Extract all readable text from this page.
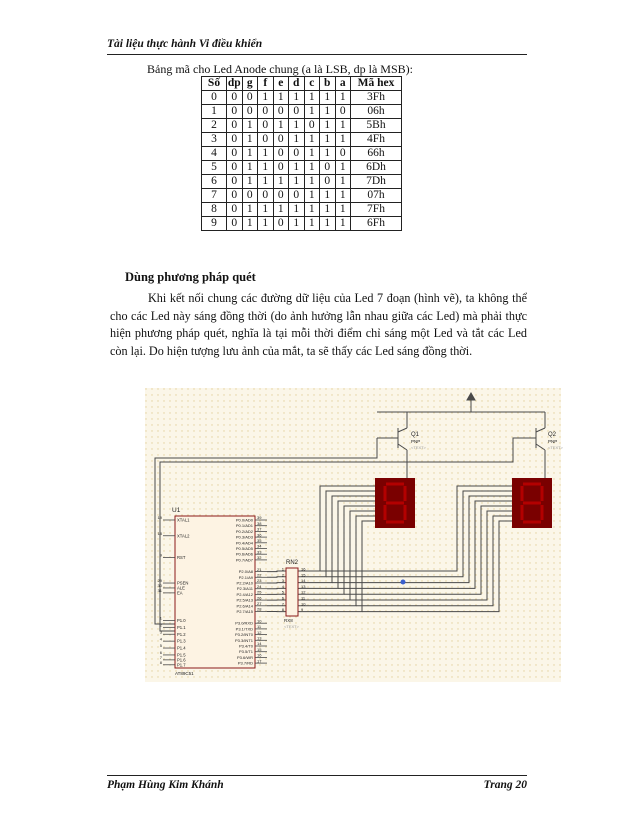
Tài liệu thực hành Vi điều khiển
Bảng mã cho Led Anode chung (a là LSB, dp là MSB):
Số	dp	g	f	e	d	c	b	a	Mã hex
0	0	0	1	1	1	1	1	1	3Fh
1	0	0	0	0	0	1	1	0	06h
2	0	1	0	1	1	0	1	1	5Bh
3	0	1	0	0	1	1	1	1	4Fh
4	0	1	1	0	0	1	1	0	66h
5	0	1	1	0	1	1	0	1	6Dh
6	0	1	1	1	1	1	0	1	7Dh
7	0	0	0	0	0	1	1	1	07h
8	0	1	1	1	1	1	1	1	7Fh
9	0	1	1	0	1	1	1	1	6Fh
Dùng phương pháp quét

Khi kết nối chung các đường dữ liệu của Led 7 đoạn (hình vẽ), ta không thể cho các Led này sáng đồng thời (do ảnh hưởng lẫn nhau giữa các Led) mà phải thực hiện phương pháp quét, nghĩa là tại mỗi thời điểm chỉ sáng một Led và tắt các Led còn lại. Do hiện tượng lưu ảnh của mắt, ta sẽ thấy các Led sáng đồng thời.

Q1
PNP
<TEXT>
Q2
PNP
<TEXT>
U1
AT89C51
XTAL1
19
XTAL2
18
RST
9
PSEN
29
ALE
30
EA
31
P1.0
1
P1.1
2
P1.2
3
P1.3
4
P1.4
5
P1.5
6
P1.6
7
P1.7
8
P0.0/AD0 39
P0.1/AD1 38
P0.2/AD2 37
P0.3/AD3 36
P0.4/AD4 35
P0.5/AD5 34
P0.6/AD6 33
P0.7/AD7 32
P2.0/A8 21
P2.1/A9 22
P2.2/A10 23
P2.3/A11 24
P2.4/A12 25
P2.5/A13 26
P2.6/A14 27
P2.7/A15 28
P3.0/RXD 10
P3.1/TXD 11
P3.2/INT0 12
P3.3/INT1 13
P3.4/T0 14
P3.5/T1 15
P3.6/WR 16
P3.7/RD 17
RN2
RX8
<TEXT>
1	16
2	15
3	14
4	13
5	12
6	11
7	10
8	9
Phạm Hùng Kim Khánh	Trang 20
